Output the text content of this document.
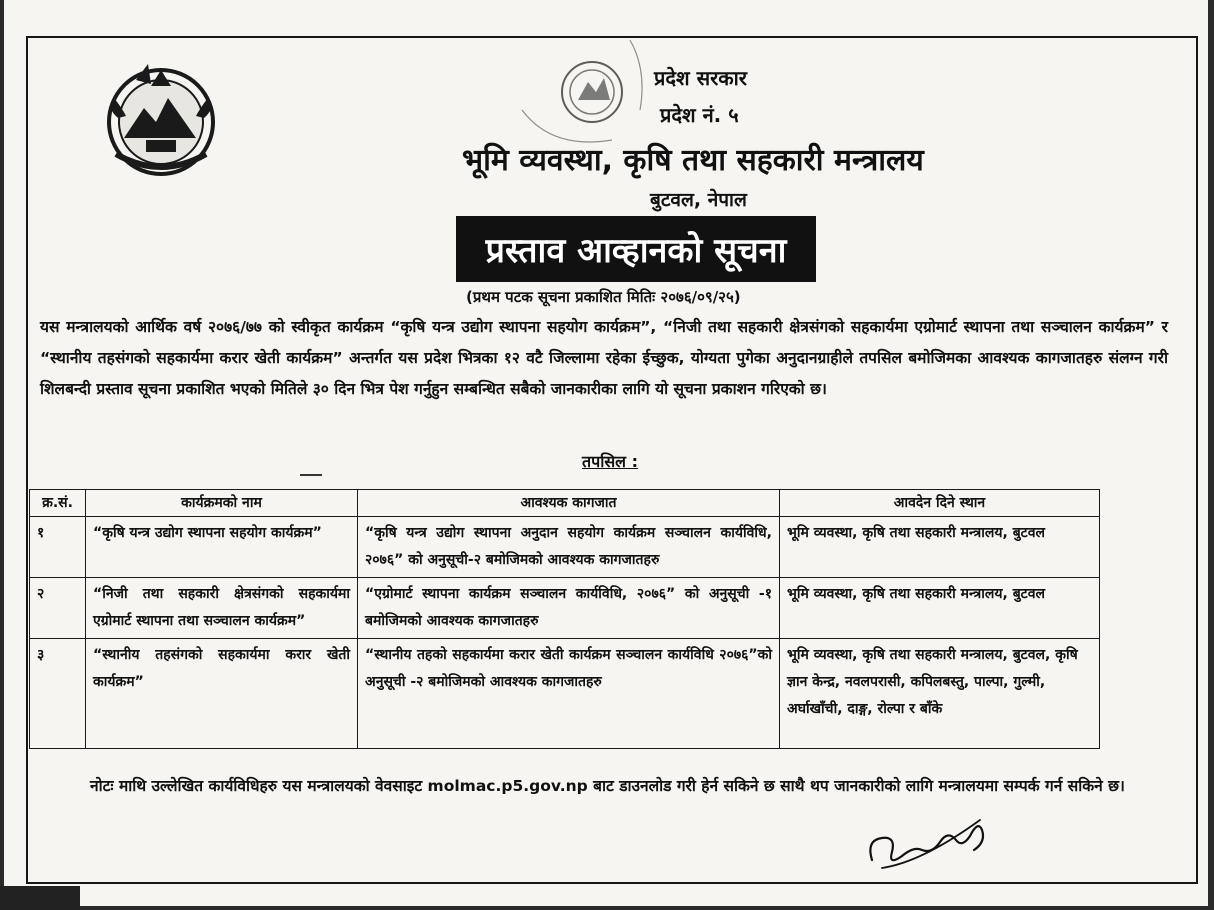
प्रदेश सरकार
प्रदेश नं. ५
भूमि व्यवस्था, कृषि तथा सहकारी मन्त्रालय
बुटवल, नेपाल
प्रस्ताव आव्हानको सूचना
(प्रथम पटक सूचना प्रकाशित मितिः २०७६/०९/२५)

यस मन्त्रालयको आर्थिक वर्ष २०७६/७७ को स्वीकृत कार्यक्रम “कृषि यन्त्र उद्योग स्थापना सहयोग कार्यक्रम”, “निजी तथा सहकारी क्षेत्रसंगको सहकार्यमा एग्रोमार्ट स्थापना तथा सञ्चालन कार्यक्रम” र “स्थानीय तहसंगको सहकार्यमा करार खेती कार्यक्रम” अन्तर्गत यस प्रदेश भित्रका १२ वटै जिल्लामा रहेका ईच्छुक, योग्यता पुगेका अनुदानग्राहीले तपसिल बमोजिमका आवश्यक कागजातहरु संलग्न गरी शिलबन्दी प्रस्ताव सूचना प्रकाशित भएको मितिले ३० दिन भित्र पेश गर्नुहुन सम्बन्धित सबैको जानकारीका लागि यो सूचना प्रकाशन गरिएको छ।

तपसिल :
क्र.सं.	कार्यक्रमको नाम	आवश्यक कागजात	आवदेन दिने स्थान
१	“कृषि यन्त्र उद्योग स्थापना सहयोग कार्यक्रम”	“कृषि यन्त्र उद्योग स्थापना अनुदान सहयोग कार्यक्रम सञ्चालन कार्यविधि, २०७६” को अनुसूची-२ बमोजिमको आवश्यक कागजातहरु	भूमि व्यवस्था, कृषि तथा सहकारी मन्त्रालय, बुटवल
२	“निजी तथा सहकारी क्षेत्रसंगको सहकार्यमा एग्रोमार्ट स्थापना तथा सञ्चालन कार्यक्रम”	“एग्रोमार्ट स्थापना कार्यक्रम सञ्चालन कार्यविधि, २०७६” को अनुसूची -१ बमोजिमको आवश्यक कागजातहरु	भूमि व्यवस्था, कृषि तथा सहकारी मन्त्रालय, बुटवल
३	“स्थानीय तहसंगको सहकार्यमा करार खेती कार्यक्रम”	“स्थानीय तहको सहकार्यमा करार खेती कार्यक्रम सञ्चालन कार्यविधि २०७६”को अनुसूची -२ बमोजिमको आवश्यक कागजातहरु	भूमि व्यवस्था, कृषि तथा सहकारी मन्त्रालय, बुटवल, कृषि ज्ञान केन्द्र, नवलपरासी, कपिलबस्तु, पाल्पा, गुल्मी, अर्घाखाँची, दाङ्ग, रोल्पा र बाँके

नोटः माथि उल्लेखित कार्यविधिहरु यस मन्त्रालयको वेवसाइट molmac.p5.gov.np बाट डाउनलोड गरी हेर्न सकिने छ साथै थप जानकारीको लागि मन्त्रालयमा सम्पर्क गर्न सकिने छ।
